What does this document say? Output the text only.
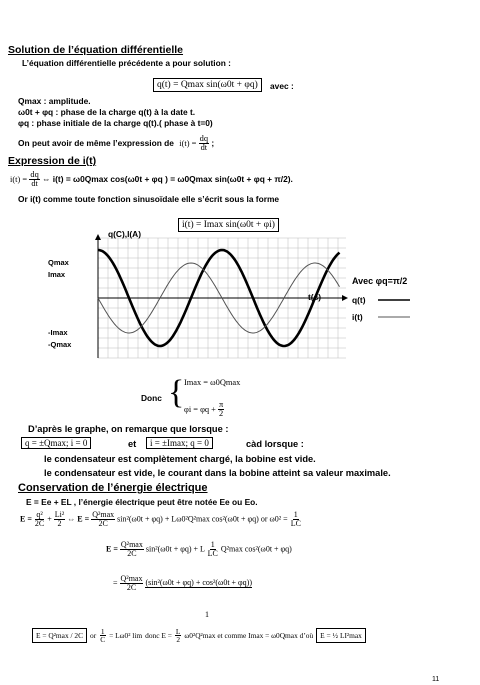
Solution de l’équation différentielle
L’équation différentielle précédente a pour solution :
q(t) = Qmax sin(ω0t + φq)	avec :
Qmax : amplitude.
ω0t + φq : phase de la charge q(t) à la date t.
φq : phase initiale de la charge q(t).( phase à t=0)
On peut avoir de même l’expression de $i(t) = \frac{dq}{dt}$ ;
Expression de i(t)
$i(t) = \frac{dq}{dt}$ ⇔ i(t) = ω0Qmax cos(ω0t + φq ) = ω0Qmax sin(ω0t + φq + π/2).
Or i(t) comme toute fonction sinusoïdale elle s’écrit sous la forme
i(t) = Imax sin(ω0t + φi)
q(C),I(A)
Qmax
Imax
-Imax
-Qmax
t(s)
Avec φq=π/2
q(t)
i(t)
Donc { Imax = ω0Qmax
$\varphi i = \varphi q + \frac{\pi}{2}$
D’après le graphe, on remarque que lorsque :
q = ±Qmax; i = 0	et	i = ±Imax; q = 0	càd lorsque :
le condensateur est complètement chargé, la bobine est vide.
le condensateur est vide, le courant dans la bobine atteint sa valeur maximale.
Conservation de l’énergie électrique
E = Ee + EL , l’énergie électrique peut être notée Ee ou Eo.
$E = \frac{\text{q²}}{2C} + \frac{\text{Li²}}{2}$ ⇔ $E = \frac{\text{Q²max}}{2C} \sin^2(\omega 0t + \varphi q) + L\omega 0^2Q^2\max$ cos²(ω0t + φq) or $\omega 0^2 = \frac{1}{LC}$
$E = \frac{\text{Q²max}}{2C} \sin^2(\omega 0t + \varphi q) + L \frac{1}{LC} Q^2\max$ cos²(ω0t + φq)
= $\frac{\text{Q²max}}{2C} (\sin^2(\omega 0t + \varphi q) + \cos^2(\omega 0t + \varphi q))$
1
E = Q²max / 2C or $\frac{1}{C} = L\omega 0^2$ lim donc $E = \frac{L}{2} \omega 0^2Q^2\max$ et comme Imax = ω0Qmax d’où E = ½ LI²max
11
